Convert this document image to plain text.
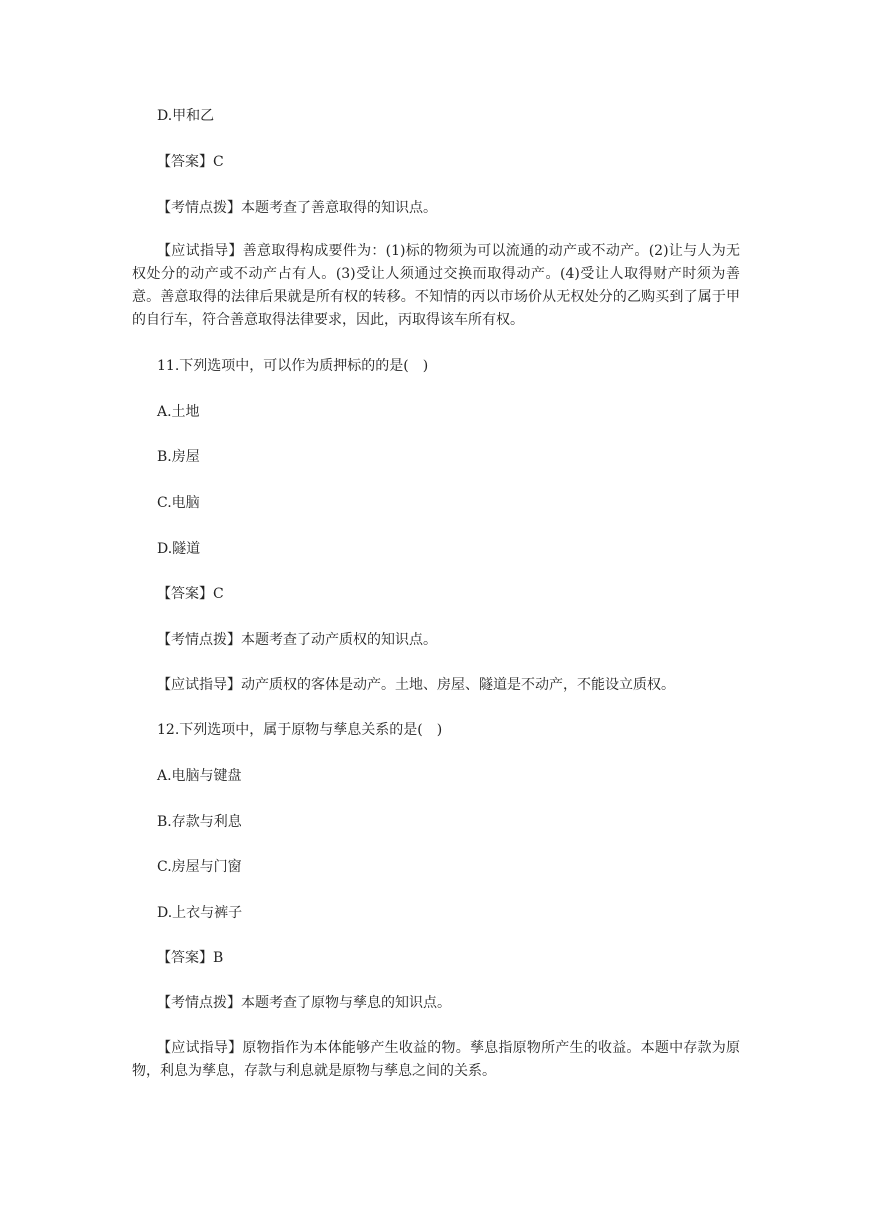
D.甲和乙
【答案】C
【考情点拨】本题考查了善意取得的知识点。
【应试指导】善意取得构成要件为：(1)标的物须为可以流通的动产或不动产。(2)让与人为无权处分的动产或不动产占有人。(3)受让人须通过交换而取得动产。(4)受让人取得财产时须为善意。善意取得的法律后果就是所有权的转移。不知情的丙以市场价从无权处分的乙购买到了属于甲的自行车，符合善意取得法律要求，因此，丙取得该车所有权。
11.下列选项中，可以作为质押标的的是(　)
A.土地
B.房屋
C.电脑
D.隧道
【答案】C
【考情点拨】本题考查了动产质权的知识点。
【应试指导】动产质权的客体是动产。土地、房屋、隧道是不动产，不能设立质权。
12.下列选项中，属于原物与孳息关系的是(　)
A.电脑与键盘
B.存款与利息
C.房屋与门窗
D.上衣与裤子
【答案】B
【考情点拨】本题考查了原物与孳息的知识点。
【应试指导】原物指作为本体能够产生收益的物。孳息指原物所产生的收益。本题中存款为原物，利息为孳息，存款与利息就是原物与孳息之间的关系。
